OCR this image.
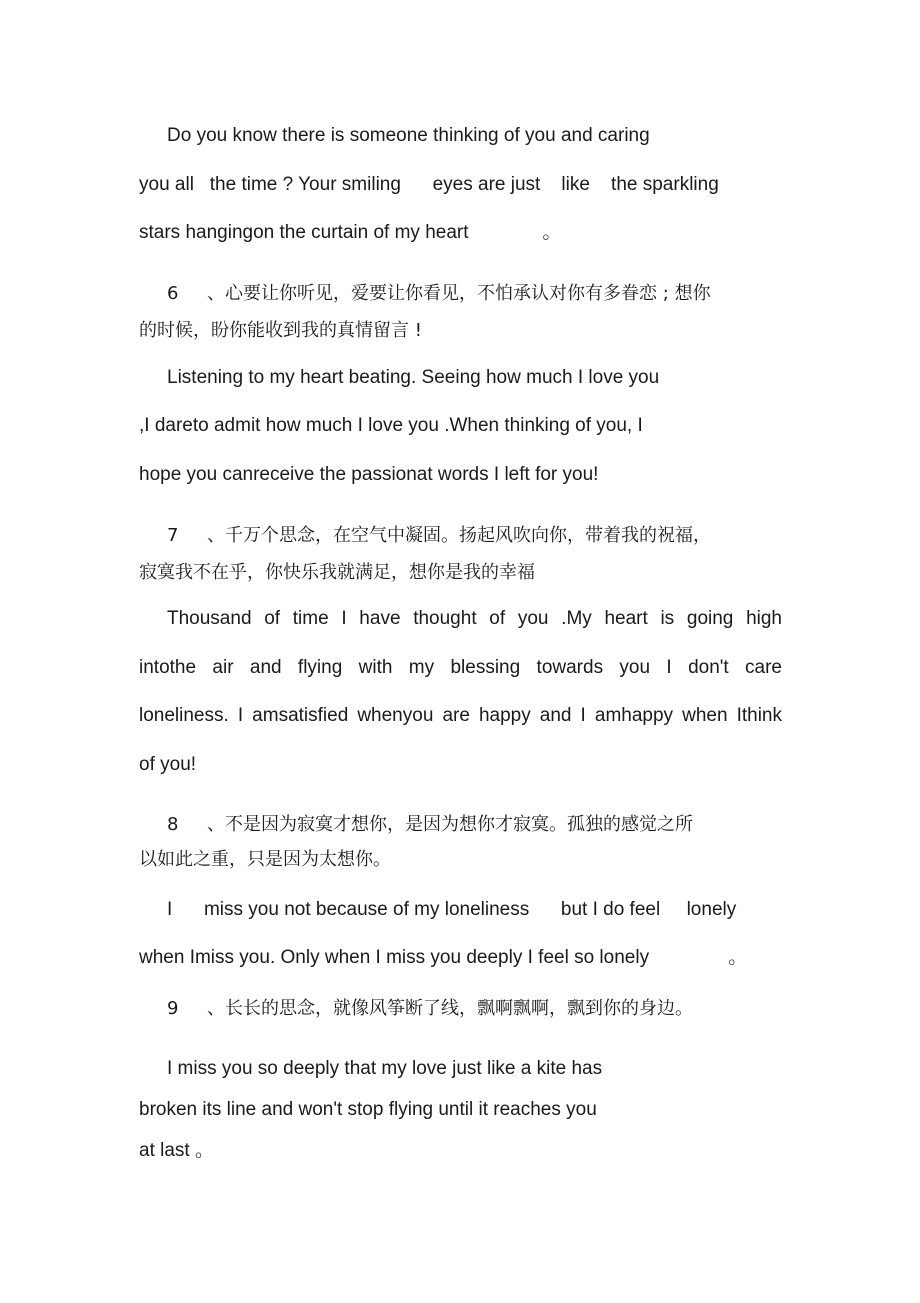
Do you know there is someone thinking of you and caring
you all   the time ? Your smiling      eyes are just    like    the sparkling
stars hangingon the curtain of my heart              。
6     、心要让你听见，爱要让你看见，不怕承认对你有多眷恋 ; 想你
的时候，盼你能收到我的真情留言 !
Listening to my heart beating. Seeing how much I love you
,I dareto admit how much I love you .When thinking of you, I
hope you canreceive the passionat words I left for you!
7     、千万个思念，在空气中凝固。扬起风吹向你，带着我的祝福，
寂寞我不在乎，你快乐我就满足，想你是我的幸福
Thousand of time I have thought of you .My heart is going high
intothe air and flying with my blessing towards you I don't care
loneliness. I amsatisfied whenyou are happy and I amhappy when Ithink
of you!
8     、不是因为寂寞才想你，是因为想你才寂寞。孤独的感觉之所
以如此之重，只是因为太想你。
I      miss you not because of my loneliness      but I do feel     lonely
when Imiss you. Only when I miss you deeply I feel so lonely               。
9     、长长的思念，就像风筝断了线，飘啊飘啊，飘到你的身边。
I miss you so deeply that my love just like a kite has
broken its line and won't stop flying until it reaches you
at last 。
